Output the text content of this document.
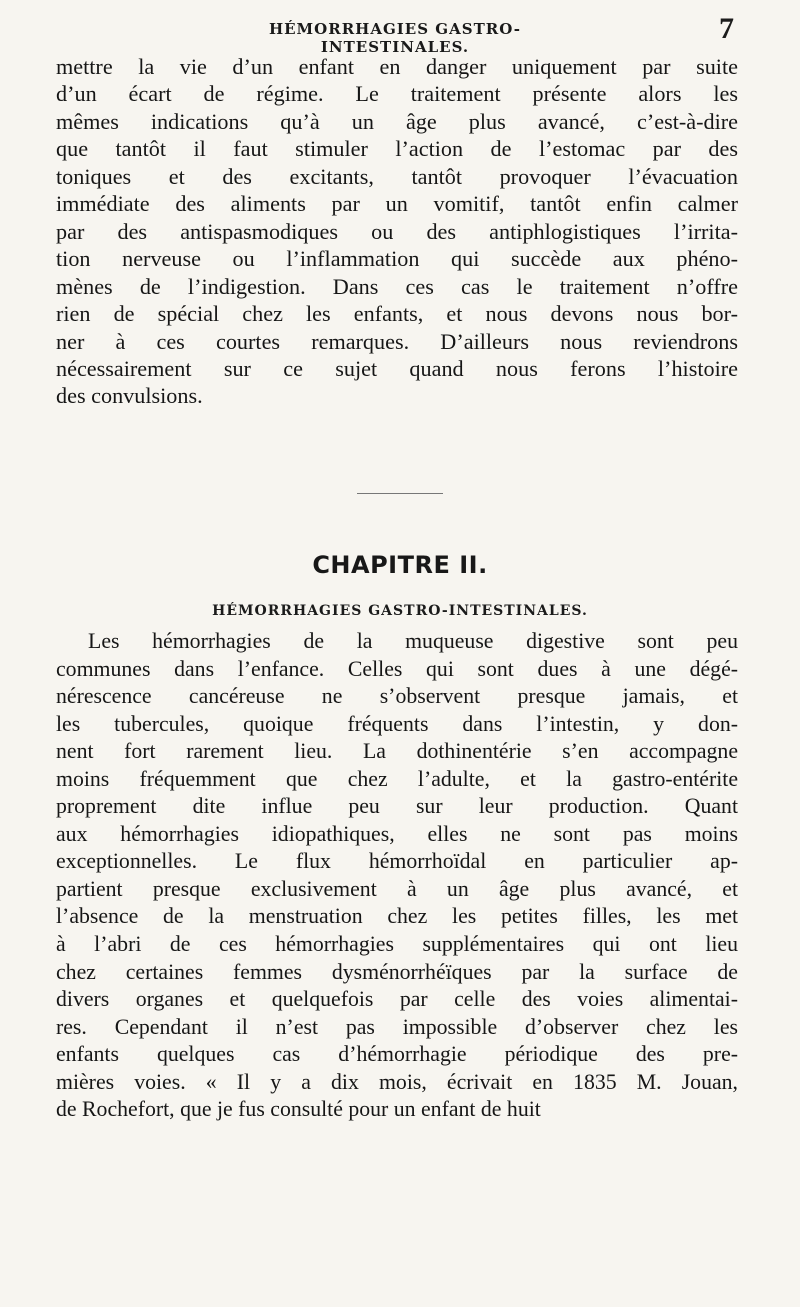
HÉMORRHAGIES GASTRO-INTESTINALES.
7
mettre la vie d’un enfant en danger uniquement par suite
d’un écart de régime. Le traitement présente alors les
mêmes indications qu’à un âge plus avancé, c’est-à-dire
que tantôt il faut stimuler l’action de l’estomac par des
toniques et des excitants, tantôt provoquer l’évacuation
immédiate des aliments par un vomitif, tantôt enfin calmer
par des antispasmodiques ou des antiphlogistiques l’irrita-
tion nerveuse ou l’inflammation qui succède aux phéno-
mènes de l’indigestion. Dans ces cas le traitement n’offre
rien de spécial chez les enfants, et nous devons nous bor-
ner à ces courtes remarques. D’ailleurs nous reviendrons
nécessairement sur ce sujet quand nous ferons l’histoire
des convulsions.
CHAPITRE II.
HÉMORRHAGIES GASTRO-INTESTINALES.
Les hémorrhagies de la muqueuse digestive sont peu
communes dans l’enfance. Celles qui sont dues à une dégé-
nérescence cancéreuse ne s’observent presque jamais, et
les tubercules, quoique fréquents dans l’intestin, y don-
nent fort rarement lieu. La dothinentérie s’en accompagne
moins fréquemment que chez l’adulte, et la gastro-entérite
proprement dite influe peu sur leur production. Quant
aux hémorrhagies idiopathiques, elles ne sont pas moins
exceptionnelles. Le flux hémorrhoïdal en particulier ap-
partient presque exclusivement à un âge plus avancé, et
l’absence de la menstruation chez les petites filles, les met
à l’abri de ces hémorrhagies supplémentaires qui ont lieu
chez certaines femmes dysménorrhéïques par la surface de
divers organes et quelquefois par celle des voies alimentai-
res. Cependant il n’est pas impossible d’observer chez les
enfants quelques cas d’hémorrhagie périodique des pre-
mières voies. « Il y a dix mois, écrivait en 1835 M. Jouan,
de Rochefort, que je fus consulté pour un enfant de huit
